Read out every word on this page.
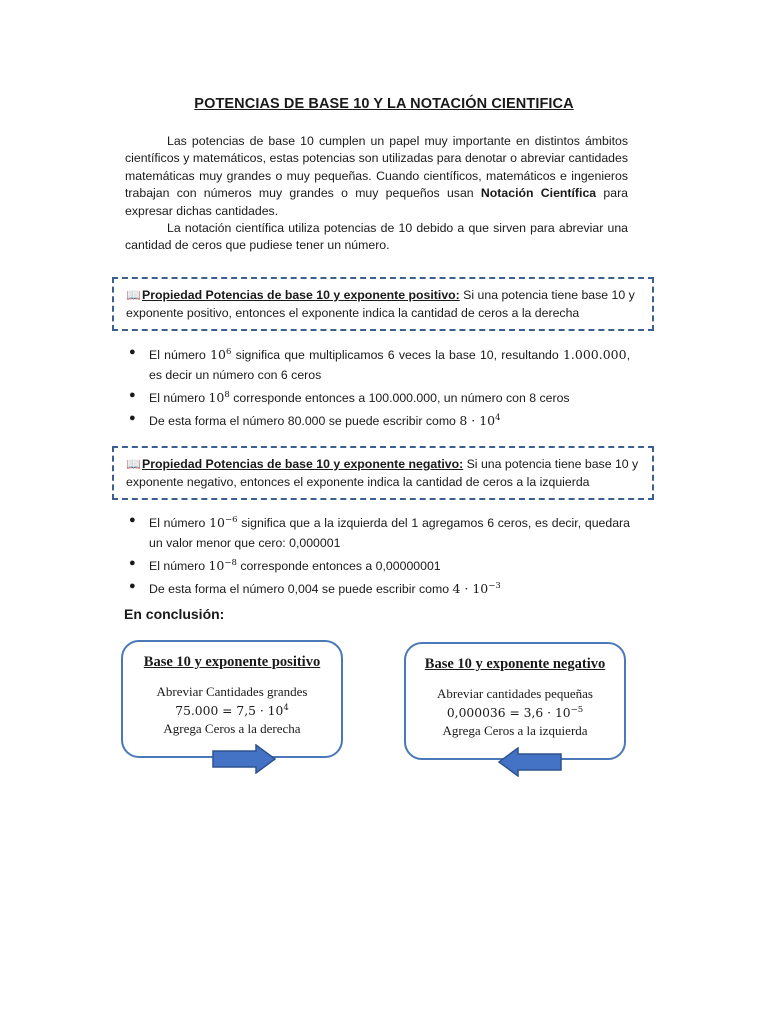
POTENCIAS DE BASE 10 Y LA NOTACIÓN CIENTIFICA

Las potencias de base 10 cumplen un papel muy importante en distintos ámbitos científicos y matemáticos, estas potencias son utilizadas para denotar o abreviar cantidades matemáticas muy grandes o muy pequeñas. Cuando científicos, matemáticos e ingenieros trabajan con números muy grandes o muy pequeños usan Notación Científica para expresar dichas cantidades.

La notación científica utiliza potencias de 10 debido a que sirven para abreviar una cantidad de ceros que pudiese tener un número.

📖Propiedad Potencias de base 10 y exponente positivo: Si una potencia tiene base 10 y exponente positivo, entonces el exponente indica la cantidad de ceros a la derecha
● El número $10^6$ significa que multiplicamos 6 veces la base 10, resultando 1.000.000, es decir un número con 6 ceros
● El número $10^8$ corresponde entonces a 100.000.000, un número con 8 ceros
● De esta forma el número 80.000 se puede escribir como $8 \cdot 10^4$
📖Propiedad Potencias de base 10 y exponente negativo: Si una potencia tiene base 10 y exponente negativo, entonces el exponente indica la cantidad de ceros a la izquierda
● El número $10^{-6}$ significa que a la izquierda del 1 agregamos 6 ceros, es decir, quedara un valor menor que cero: 0,000001
● El número $10^{-8}$ corresponde entonces a 0,00000001
● De esta forma el número 0,004 se puede escribir como $4 \cdot 10^{-3}$
En conclusión:
Base 10 y exponente positivo
Abreviar Cantidades grandes
$75.000 = 7,5 \cdot 10^4$
Agrega Ceros a la derecha
Base 10 y exponente negativo
Abreviar cantidades pequeñas
$0,000036 = 3,6 \cdot 10^{-5}$
Agrega Ceros a la izquierda
